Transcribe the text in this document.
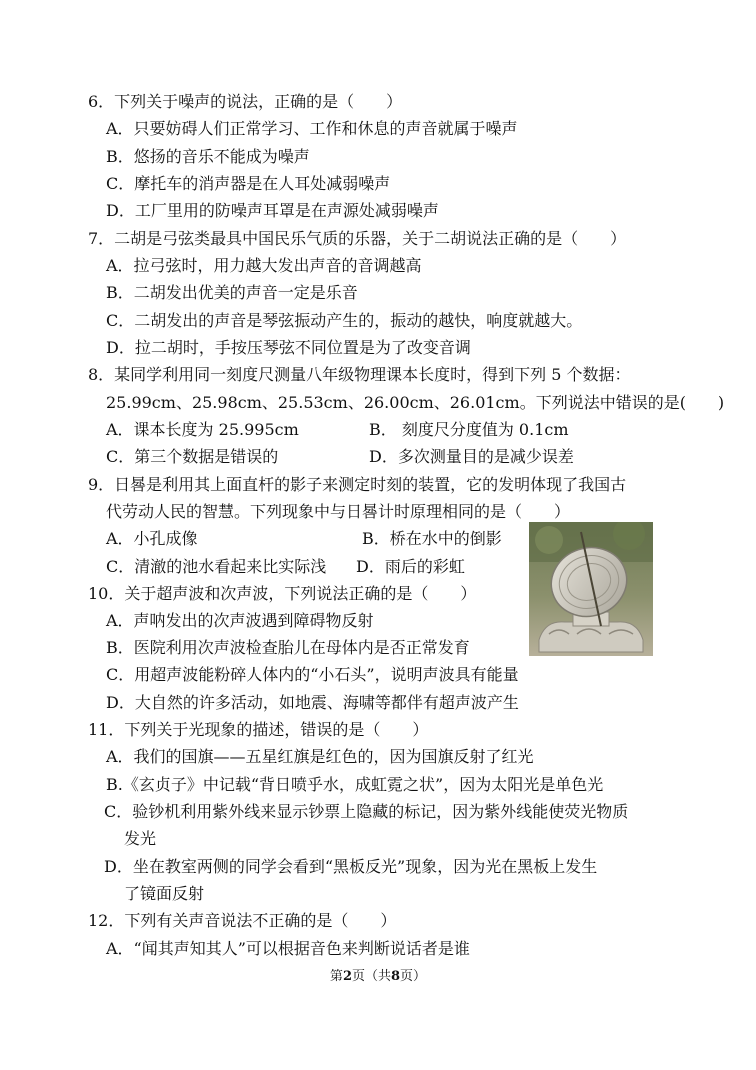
6．下列关于噪声的说法，正确的是（　　）
A．只要妨碍人们正常学习、工作和休息的声音就属于噪声
B．悠扬的音乐不能成为噪声
C．摩托车的消声器是在人耳处减弱噪声
D．工厂里用的防噪声耳罩是在声源处减弱噪声
7．二胡是弓弦类最具中国民乐气质的乐器，关于二胡说法正确的是（　　）
A．拉弓弦时，用力越大发出声音的音调越高
B．二胡发出优美的声音一定是乐音
C．二胡发出的声音是琴弦振动产生的，振动的越快，响度就越大。
D．拉二胡时，手按压琴弦不同位置是为了改变音调
8．某同学利用同一刻度尺测量八年级物理课本长度时，得到下列 5 个数据：
25.99cm、25.98cm、25.53cm、26.00cm、26.01cm。下列说法中错误的是(　　)
A．课本长度为 25.995cm	B． 刻度尺分度值为 0.1cm
C．第三个数据是错误的	D．多次测量目的是减少误差
9．日晷是利用其上面直杆的影子来测定时刻的装置，它的发明体现了我国古
代劳动人民的智慧。下列现象中与日晷计时原理相同的是（　　）
A．小孔成像	B．桥在水中的倒影
C．清澈的池水看起来比实际浅 D．雨后的彩虹
10．关于超声波和次声波，下列说法正确的是（　　）
A．声呐发出的次声波遇到障碍物反射
B．医院利用次声波检查胎儿在母体内是否正常发育
C．用超声波能粉碎人体内的“小石头”，说明声波具有能量
D．大自然的许多活动，如地震、海啸等都伴有超声波产生
11．下列关于光现象的描述，错误的是（　　）
A．我们的国旗——五星红旗是红色的，因为国旗反射了红光
B.《玄贞子》中记载“背日喷乎水，成虹霓之状”，因为太阳光是单色光
C．验钞机利用紫外线来显示钞票上隐藏的标记，因为紫外线能使荧光物质
发光
D．坐在教室两侧的同学会看到“黑板反光”现象，因为光在黑板上发生
了镜面反射
12．下列有关声音说法不正确的是（　　）
A．“闻其声知其人”可以根据音色来判断说话者是谁
第2页（共8页）
